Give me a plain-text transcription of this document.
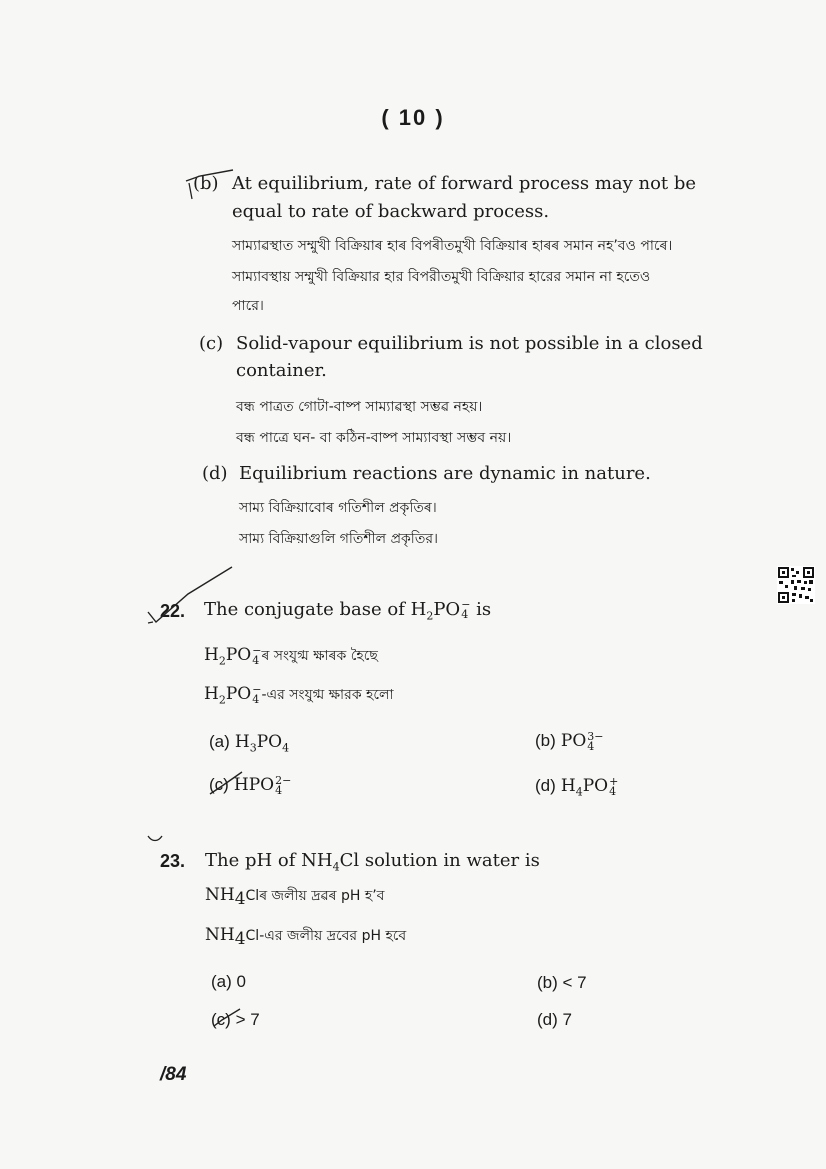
( 10 )
(b) At equilibrium, rate of forward process may not be
equal to rate of backward process.
সাম্যাৱস্থাত সম্মুখী বিক্ৰিয়াৰ হাৰ বিপৰীতমুখী বিক্ৰিয়াৰ হাৰৰ সমান নহ’বও পাৰে।
সাম্যাবস্থায় সম্মুখী বিক্রিয়ার হার বিপরীতমুখী বিক্রিয়ার হারের সমান না হতেও
পারে।
(c) Solid-vapour equilibrium is not possible in a closed
container.
বন্ধ পাত্ৰত গোটা-বাষ্প সাম্যাৱস্থা সম্ভৱ নহয়।
বন্ধ পাত্রে ঘন- বা কঠিন-বাষ্প সাম্যাবস্থা সম্ভব নয়।
(d) Equilibrium reactions are dynamic in nature.
সাম্য বিক্ৰিয়াবোৰ গতিশীল প্ৰকৃতিৰ।
সাম্য বিক্রিয়াগুলি গতিশীল প্রকৃতির।
22. The conjugate base of $H_2PO$ −
4 is
$H_2PO$ −
4 ৰ সংযুগ্ম ক্ষাৰক হৈছে
$H_2PO$ −
4 -এর সংযুগ্ম ক্ষারক হলো
(a) $H_3PO_4$	(b) PO 3−
4
(c) HPO 2−
4	(d) $H_4PO$ +
4
23. The pH of $NH_4Cl$ solution in water is
$NH_4Clৰ$ জলীয় দ্ৰৱৰ pH হ’ব
$NH_4Cl-এর$ জলীয় দ্রবের pH হবে
(a) 0	(b) < 7
(c) > 7	(d) 7
/84
